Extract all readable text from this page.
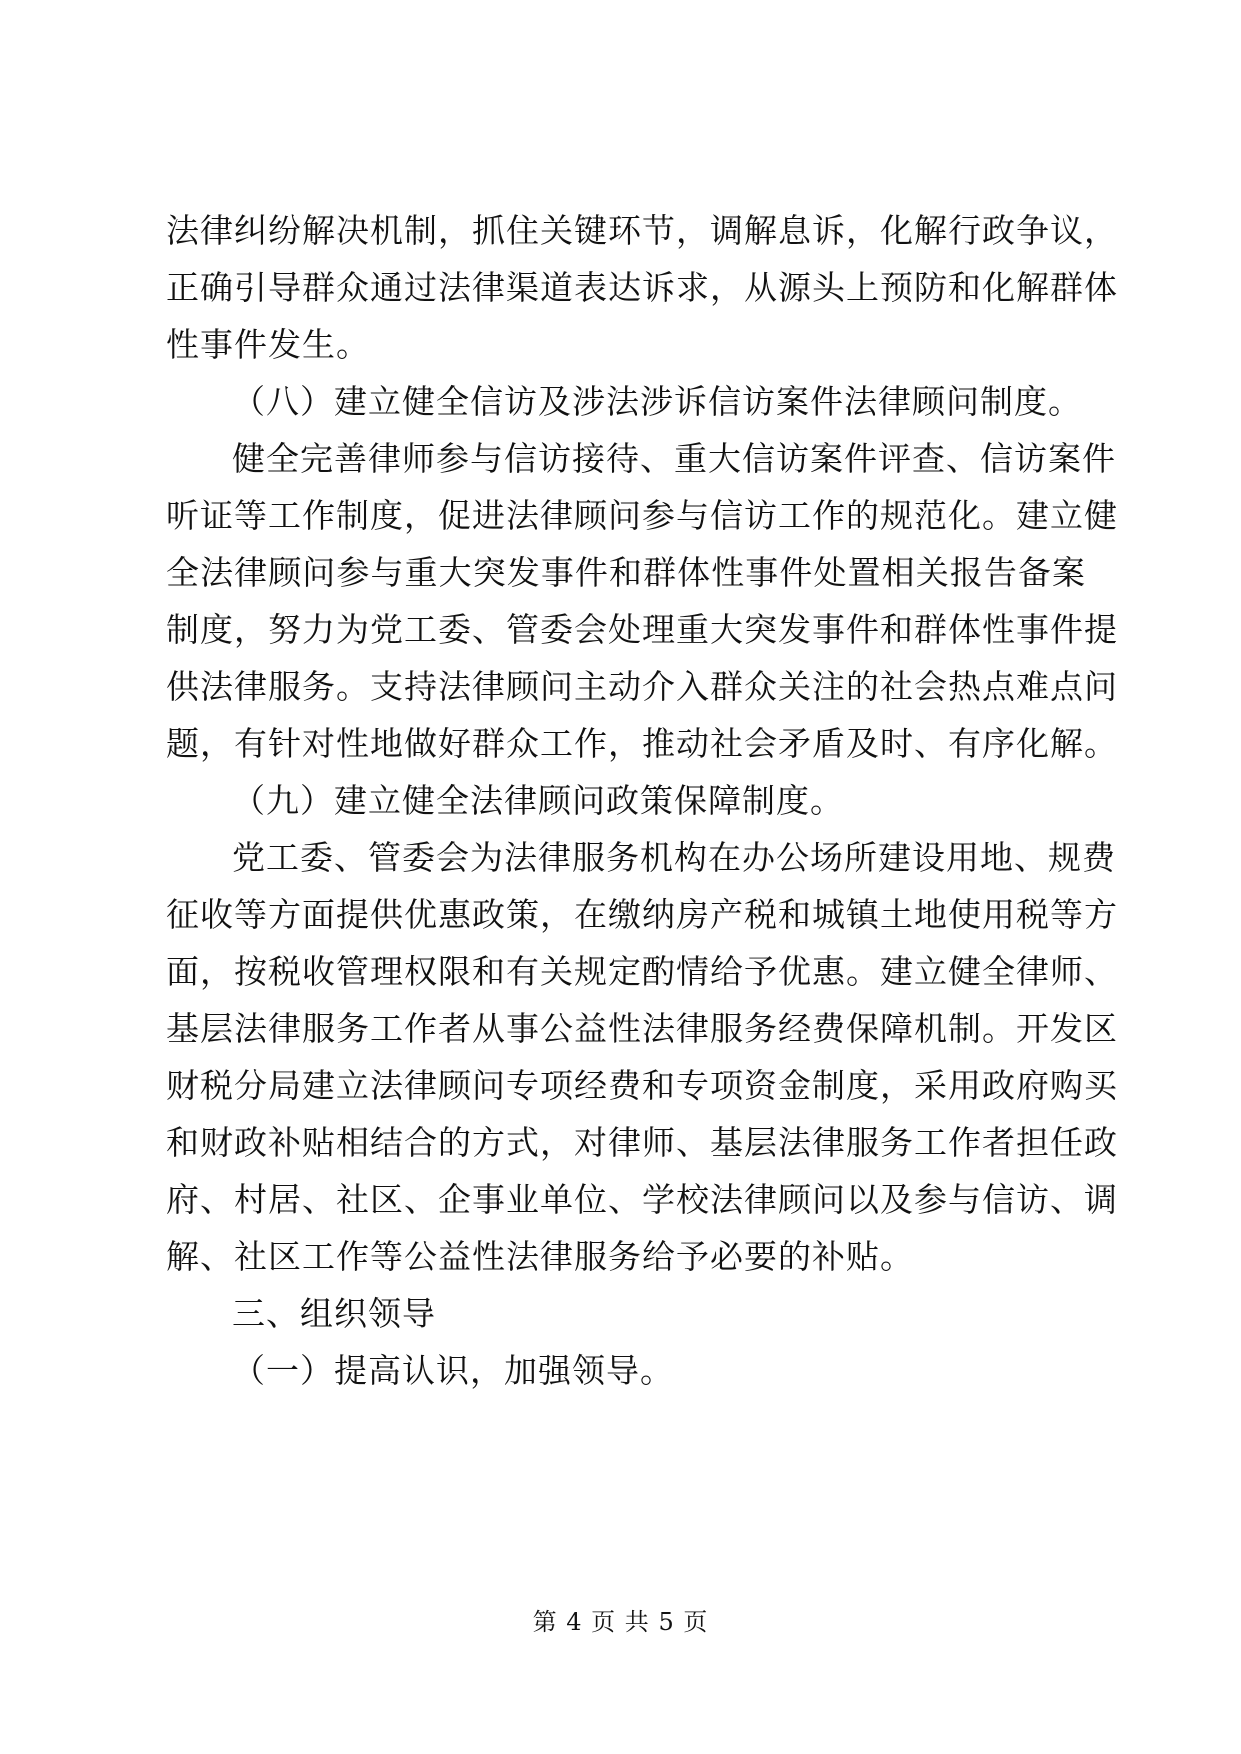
法律纠纷解决机制，抓住关键环节，调解息诉，化解行政争议，
正确引导群众通过法律渠道表达诉求，从源头上预防和化解群体
性事件发生。
（八）建立健全信访及涉法涉诉信访案件法律顾问制度。
健全完善律师参与信访接待、重大信访案件评查、信访案件
听证等工作制度，促进法律顾问参与信访工作的规范化。建立健
全法律顾问参与重大突发事件和群体性事件处置相关报告备案
制度，努力为党工委、管委会处理重大突发事件和群体性事件提
供法律服务。支持法律顾问主动介入群众关注的社会热点难点问
题，有针对性地做好群众工作，推动社会矛盾及时、有序化解。
（九）建立健全法律顾问政策保障制度。
党工委、管委会为法律服务机构在办公场所建设用地、规费
征收等方面提供优惠政策，在缴纳房产税和城镇土地使用税等方
面，按税收管理权限和有关规定酌情给予优惠。建立健全律师、
基层法律服务工作者从事公益性法律服务经费保障机制。开发区
财税分局建立法律顾问专项经费和专项资金制度，采用政府购买
和财政补贴相结合的方式，对律师、基层法律服务工作者担任政
府、村居、社区、企事业单位、学校法律顾问以及参与信访、调
解、社区工作等公益性法律服务给予必要的补贴。
三、组织领导
（一）提高认识，加强领导。
第 4 页 共 5 页
